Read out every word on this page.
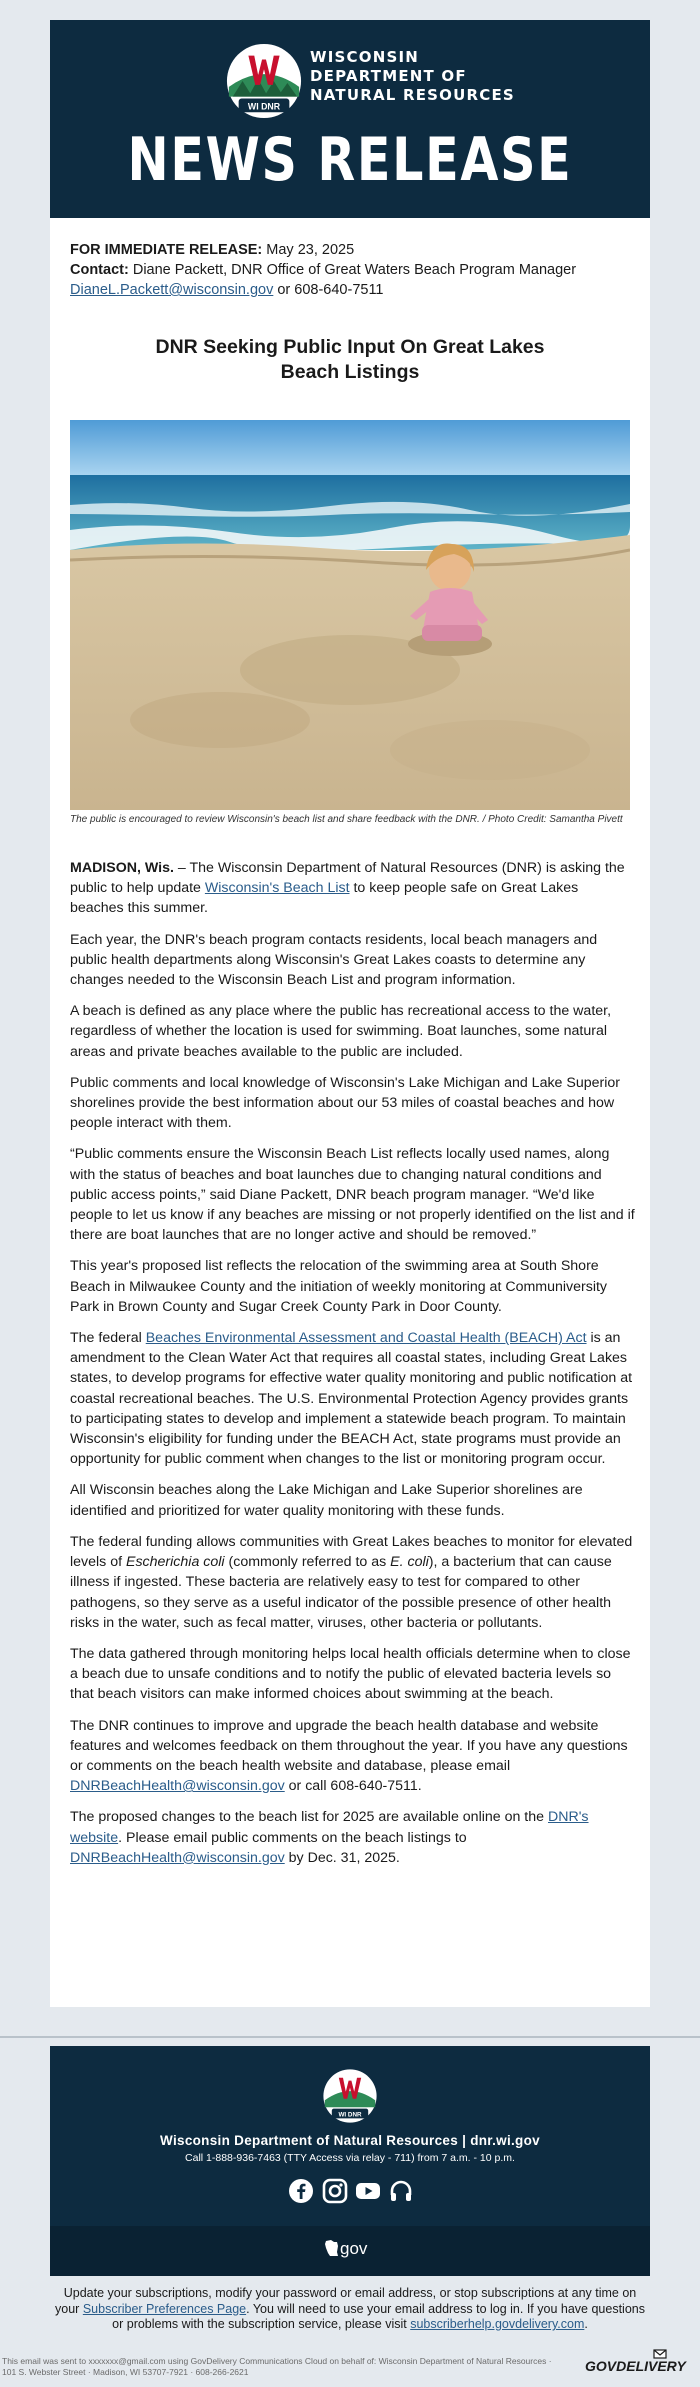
WI DNR
WISCONSIN
DEPARTMENT OF
NATURAL RESOURCES
NEWS RELEASE
FOR IMMEDIATE RELEASE: May 23, 2025
Contact: Diane Packett, DNR Office of Great Waters Beach Program Manager
DianeL.Packett@wisconsin.gov or 608-640-7511
DNR Seeking Public Input On Great Lakes
Beach Listings
The public is encouraged to review Wisconsin's beach list and share feedback with the DNR. / Photo Credit: Samantha Pivett

MADISON, Wis. – The Wisconsin Department of Natural Resources (DNR) is asking the public to help update Wisconsin's Beach List to keep people safe on Great Lakes beaches this summer.

Each year, the DNR's beach program contacts residents, local beach managers and public health departments along Wisconsin's Great Lakes coasts to determine any changes needed to the Wisconsin Beach List and program information.

A beach is defined as any place where the public has recreational access to the water, regardless of whether the location is used for swimming. Boat launches, some natural areas and private beaches available to the public are included.

Public comments and local knowledge of Wisconsin's Lake Michigan and Lake Superior shorelines provide the best information about our 53 miles of coastal beaches and how people interact with them.

“Public comments ensure the Wisconsin Beach List reflects locally used names, along with the status of beaches and boat launches due to changing natural conditions and public access points,” said Diane Packett, DNR beach program manager. “We'd like people to let us know if any beaches are missing or not properly identified on the list and if there are boat launches that are no longer active and should be removed.”

This year's proposed list reflects the relocation of the swimming area at South Shore Beach in Milwaukee County and the initiation of weekly monitoring at Communiversity Park in Brown County and Sugar Creek County Park in Door County.

The federal Beaches Environmental Assessment and Coastal Health (BEACH) Act is an amendment to the Clean Water Act that requires all coastal states, including Great Lakes states, to develop programs for effective water quality monitoring and public notification at coastal recreational beaches. The U.S. Environmental Protection Agency provides grants to participating states to develop and implement a statewide beach program. To maintain Wisconsin's eligibility for funding under the BEACH Act, state programs must provide an opportunity for public comment when changes to the list or monitoring program occur.

All Wisconsin beaches along the Lake Michigan and Lake Superior shorelines are identified and prioritized for water quality monitoring with these funds.

The federal funding allows communities with Great Lakes beaches to monitor for elevated levels of Escherichia coli (commonly referred to as E. coli), a bacterium that can cause illness if ingested. These bacteria are relatively easy to test for compared to other pathogens, so they serve as a useful indicator of the possible presence of other health risks in the water, such as fecal matter, viruses, other bacteria or pollutants.

The data gathered through monitoring helps local health officials determine when to close a beach due to unsafe conditions and to notify the public of elevated bacteria levels so that beach visitors can make informed choices about swimming at the beach.

The DNR continues to improve and upgrade the beach health database and website features and welcomes feedback on them throughout the year. If you have any questions or comments on the beach health website and database, please email DNRBeachHealth@wisconsin.gov or call 608-640-7511.

The proposed changes to the beach list for 2025 are available online on the DNR's website. Please email public comments on the beach listings to DNRBeachHealth@wisconsin.gov by Dec. 31, 2025.

WI DNR
Wisconsin Department of Natural Resources | dnr.wi.gov
Call 1-888-936-7463 (TTY Access via relay - 711) from 7 a.m. - 10 p.m.
gov
Update your subscriptions, modify your password or email address, or stop subscriptions at any time on your Subscriber Preferences Page. You will need to use your email address to log in. If you have questions or problems with the subscription service, please visit subscriberhelp.govdelivery.com.
This email was sent to xxxxxxx@gmail.com using GovDelivery Communications Cloud on behalf of: Wisconsin Department of Natural Resources · 101 S. Webster Street · Madison, WI 53707-7921 · 608-266-2621	GOVDELIVERY
